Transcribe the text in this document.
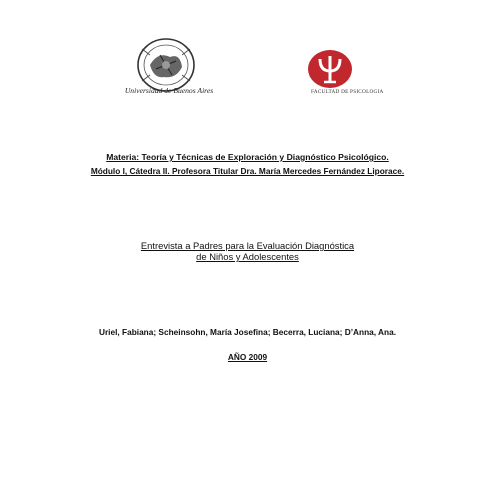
Universidad de Buenos Aires	FACULTAD DE PSICOLOGIA
Materia: Teoría y Técnicas de Exploración y Diagnóstico Psicológico.
Módulo I, Cátedra II. Profesora Titular Dra. María Mercedes Fernández Liporace.
Entrevista a Padres para la Evaluación Diagnóstica
de Niños y Adolescentes
Uriel, Fabiana; Scheinsohn, María Josefina; Becerra, Luciana; D’Anna, Ana.
AÑO 2009
